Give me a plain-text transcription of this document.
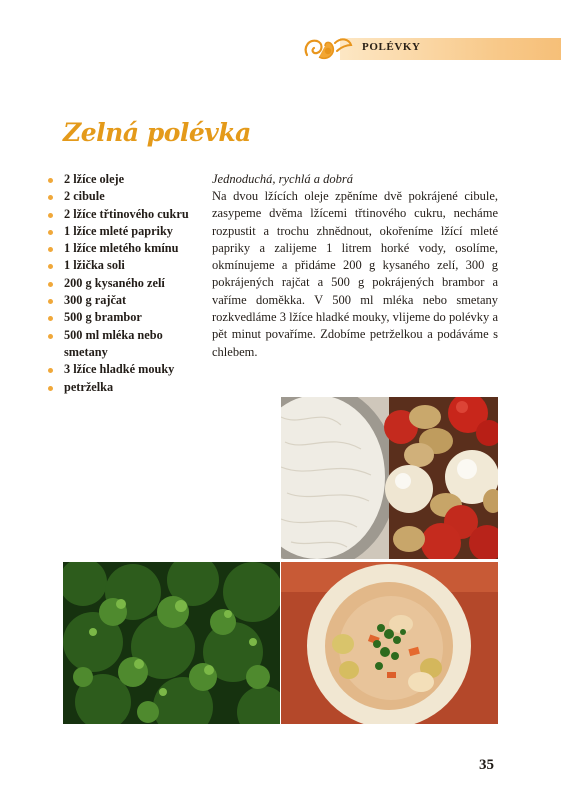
POLÉVKY
Zelná polévka
2 lžíce oleje
2 cibule
2 lžíce třtinového cukru
1 lžíce mleté papriky
1 lžíce mletého kmínu
1 lžička soli
200 g kysaného zelí
300 g rajčat
500 g brambor
500 ml mléka nebo smetany
3 lžíce hladké mouky
petrželka

Jednoduchá, rychlá a dobrá

Na dvou lžících oleje zpěníme dvě pokrájené cibule, zasypeme dvěma lžícemi třtinového cukru, necháme rozpustit a trochu zhnědnout, okořeníme lžící mleté papriky a zalijeme 1 litrem horké vody, osolíme, okmínujeme a přidáme 200 g kysaného zelí, 300 g pokrájených rajčat a 500 g pokrájených brambor a vaříme doměkka. V 500 ml mléka nebo smetany rozkvedláme 3 lžíce hladké mouky, vlijeme do polévky a pět minut povaříme. Zdobíme petrželkou a podáváme s chlebem.

35
